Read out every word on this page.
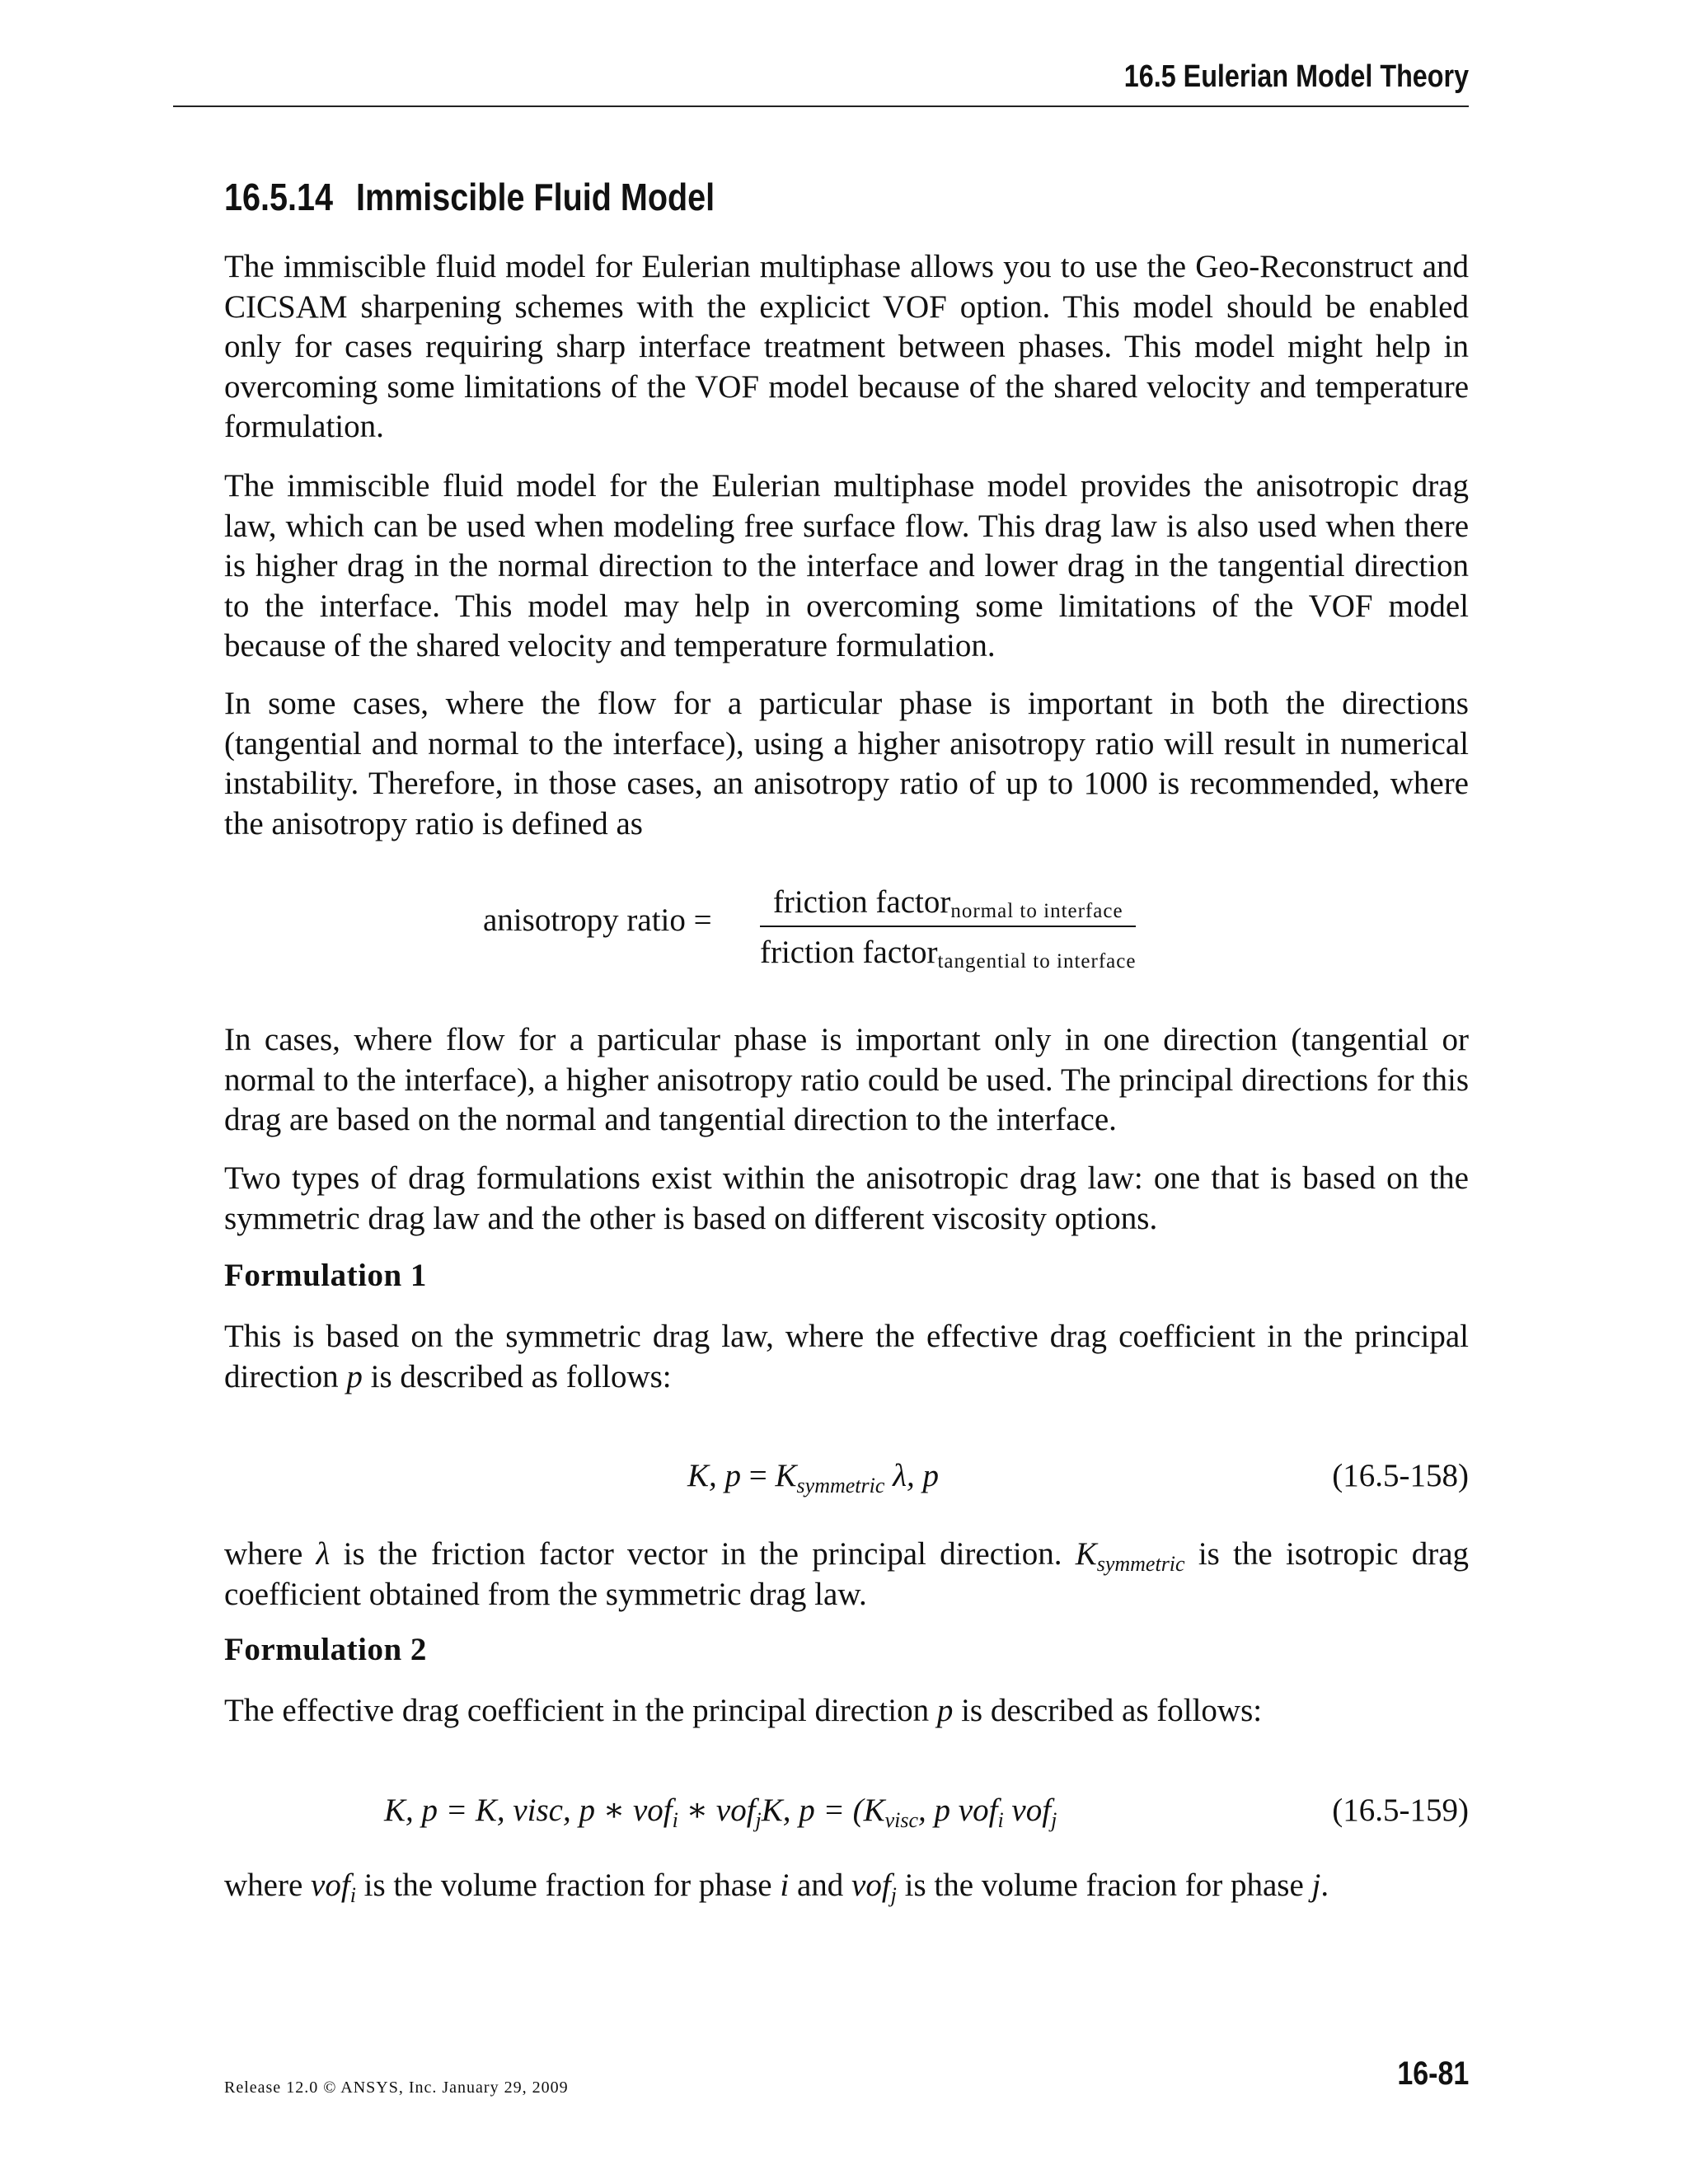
16.5 Eulerian Model Theory
16.5.14 Immiscible Fluid Model

The immiscible fluid model for Eulerian multiphase allows you to use the Geo-Reconstruct and CICSAM sharpening schemes with the explicict VOF option. This model should be enabled only for cases requiring sharp interface treatment between phases. This model might help in overcoming some limitations of the VOF model because of the shared velocity and temperature formulation.

The immiscible fluid model for the Eulerian multiphase model provides the anisotropic drag law, which can be used when modeling free surface flow. This drag law is also used when there is higher drag in the normal direction to the interface and lower drag in the tangential direction to the interface. This model may help in overcoming some limitations of the VOF model because of the shared velocity and temperature formulation.

In some cases, where the flow for a particular phase is important in both the directions (tangential and normal to the interface), using a higher anisotropy ratio will result in numerical instability. Therefore, in those cases, an anisotropy ratio of up to 1000 is recommended, where the anisotropy ratio is defined as

anisotropy ratio =
friction factor$_{normal to interface}$
friction factor$_{tangential to interface}$

In cases, where flow for a particular phase is important only in one direction (tangential or normal to the interface), a higher anisotropy ratio could be used. The principal directions for this drag are based on the normal and tangential direction to the interface.

Two types of drag formulations exist within the anisotropic drag law: one that is based on the symmetric drag law and the other is based on different viscosity options.

Formulation 1

This is based on the symmetric drag law, where the effective drag coefficient in the principal direction p is described as follows:

K, $p = K_{symmetric}$ λ, p	(16.5-158)

where λ is the friction factor vector in the principal direction. $K_{symmetric}$ is the isotropic drag coefficient obtained from the symmetric drag law.

Formulation 2

The effective drag coefficient in the principal direction p is described as follows:

K, p = K, visc, p ∗ vof$_i$ ∗ vof$_j$K, $p = (K_{visc}$, p vof$_i$ vof$_j$	(16.5-159)

where vof$_i$ is the volume fraction for phase i and vof$_j$ is the volume fracion for phase j.

Release 12.0 © ANSYS, Inc. January 29, 2009	16-81
